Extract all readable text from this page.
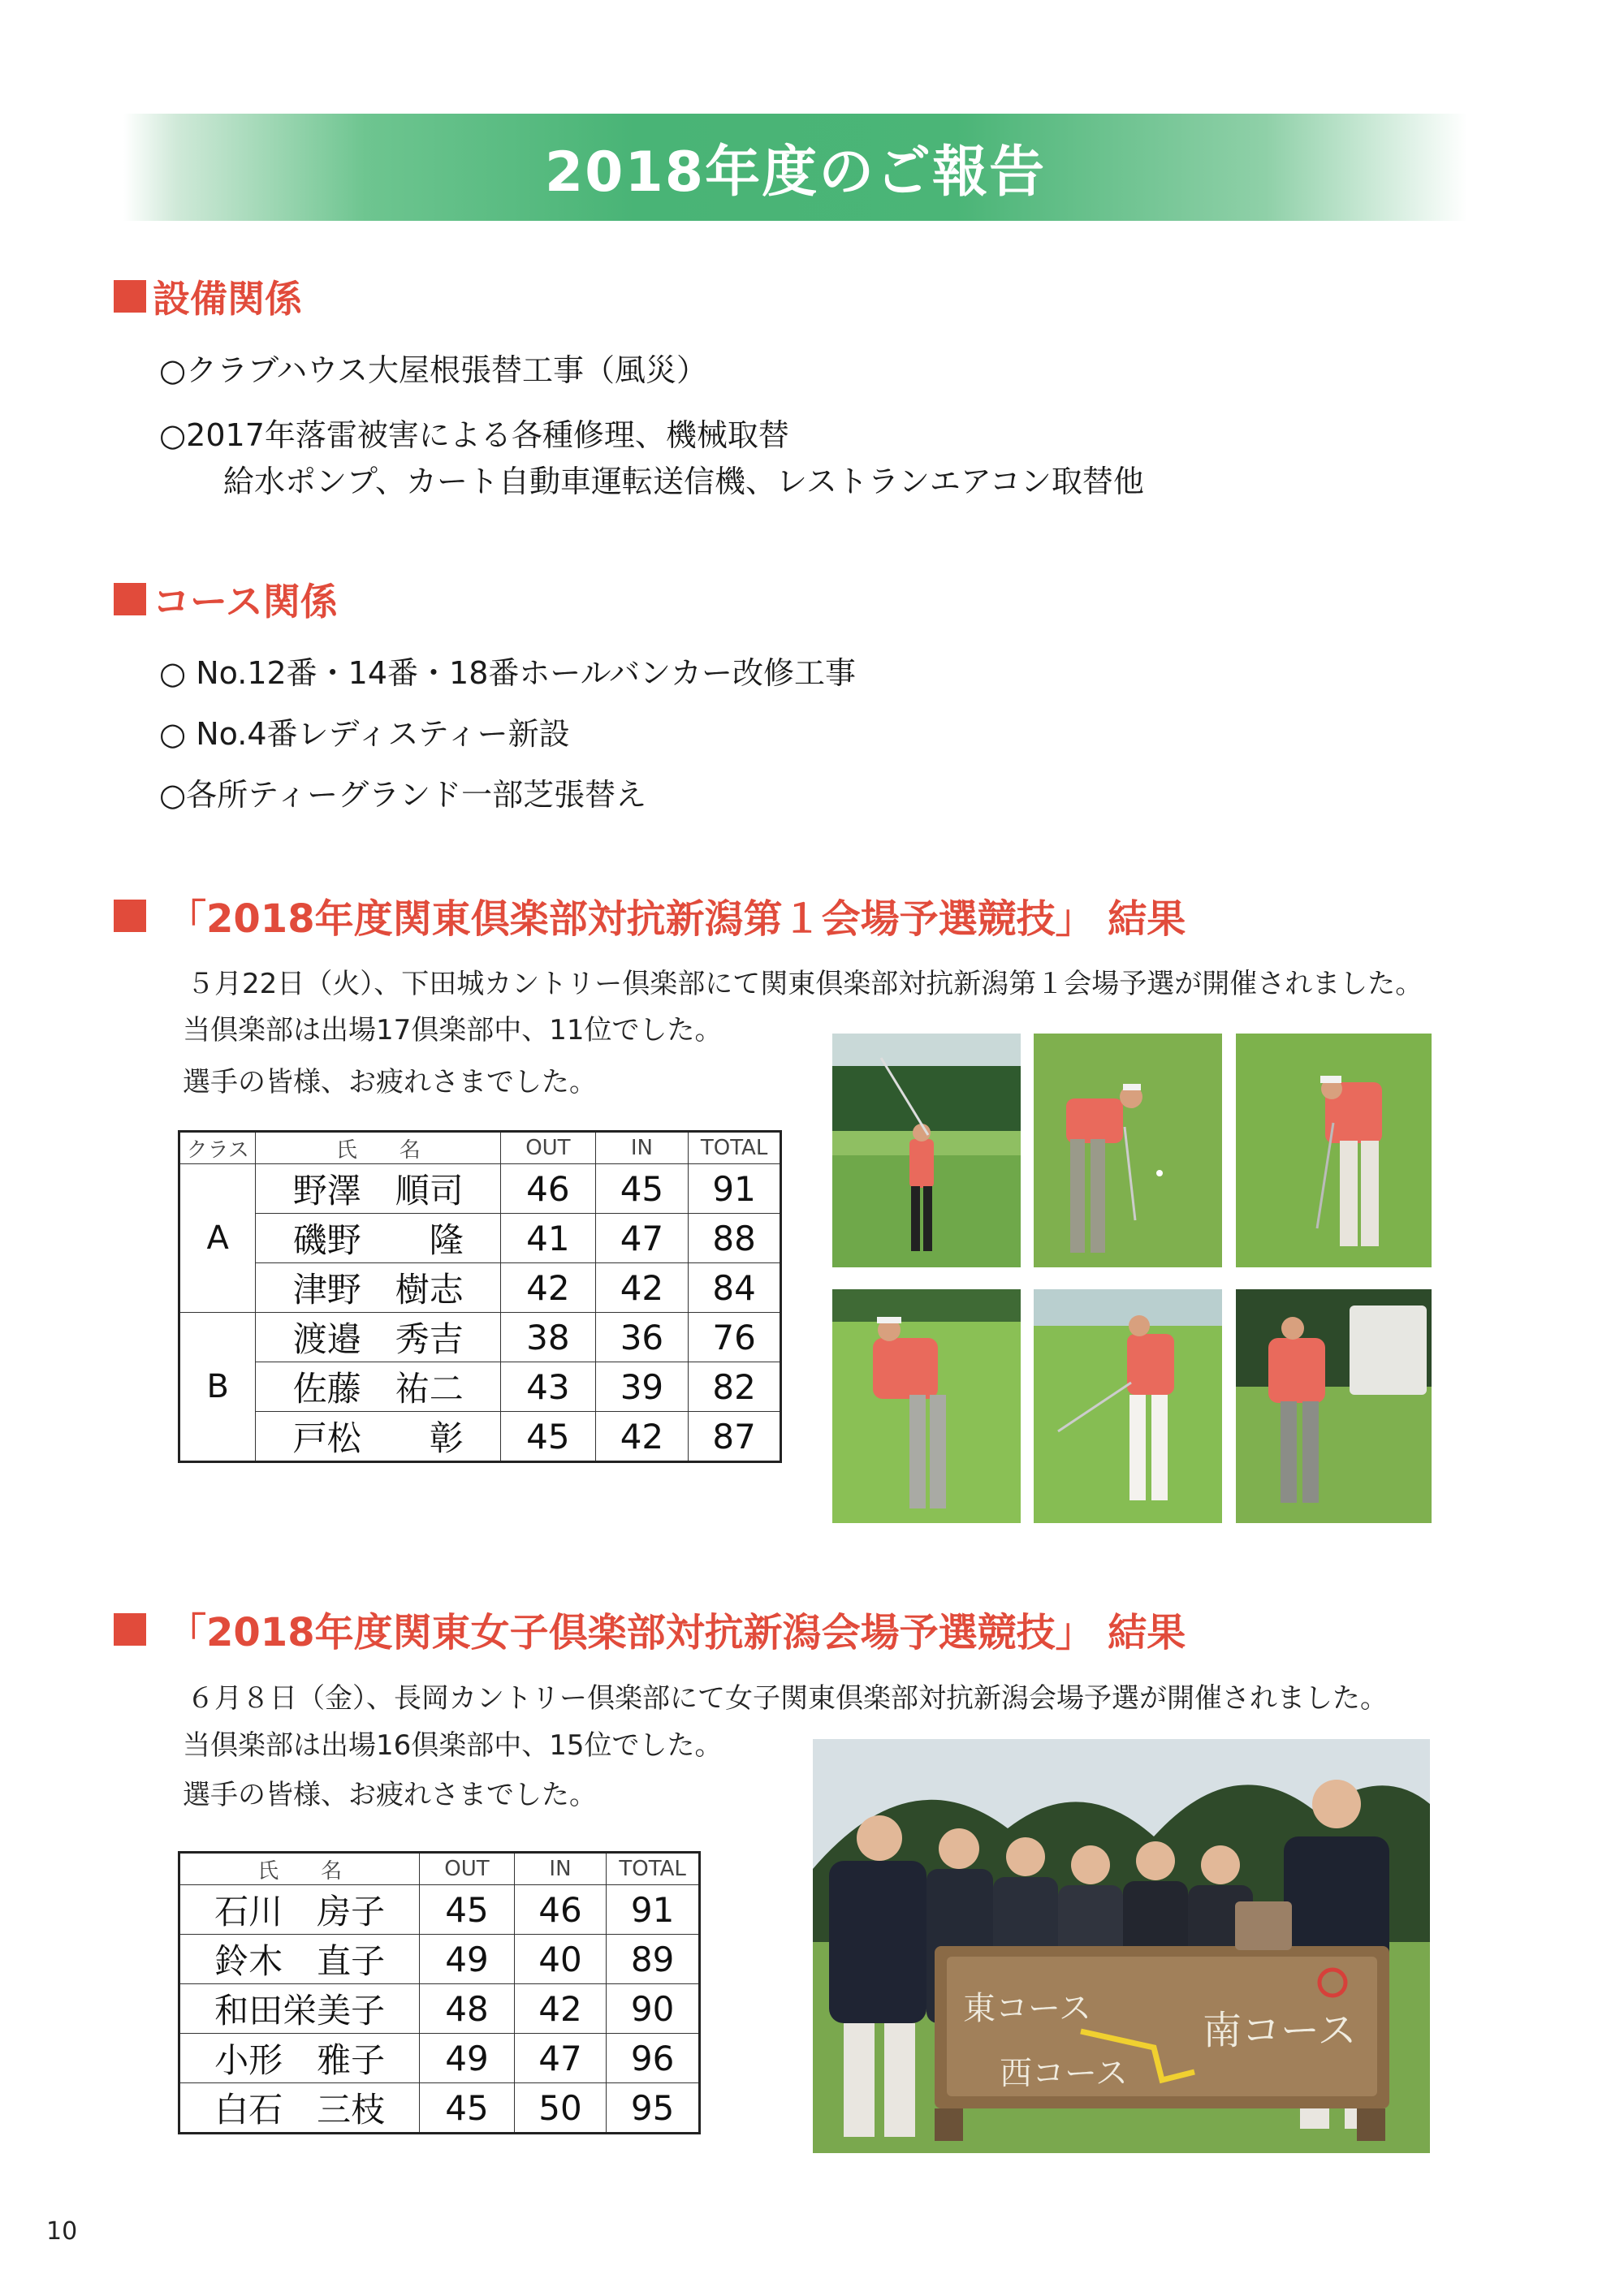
2018年度のご報告
設備関係
○クラブハウス大屋根張替工事（風災）
○2017年落雷被害による各種修理、機械取替
給水ポンプ、カート自動車運転送信機、レストランエアコン取替他
コース関係
○ No.12番・14番・18番ホールバンカー改修工事
○ No.4番レディスティー新設
○各所ティーグランド一部芝張替え
「2018年度関東倶楽部対抗新潟第１会場予選競技」 結果
５月22日（火）、下田城カントリー倶楽部にて関東倶楽部対抗新潟第１会場予選が開催されました。
当倶楽部は出場17倶楽部中、11位でした。
選手の皆様、お疲れさまでした。
クラス	氏　　名	OUT	IN	TOTAL
A	野澤　順司	46	45	91
	磯野　　隆	41	47	88
	津野　樹志	42	42	84
B	渡邉　秀吉	38	36	76
	佐藤　祐二	43	39	82
	戸松　　彰	45	42	87
「2018年度関東女子倶楽部対抗新潟会場予選競技」 結果
６月８日（金）、長岡カントリー倶楽部にて女子関東倶楽部対抗新潟会場予選が開催されました。
当倶楽部は出場16倶楽部中、15位でした。
選手の皆様、お疲れさまでした。
氏　　名	OUT	IN	TOTAL
石川　房子	45	46	91
鈴木　直子	49	40	89
和田栄美子	48	42	90
小形　雅子	49	47	96
白石　三枝	45	50	95
東コース
西コース
南コース
10
